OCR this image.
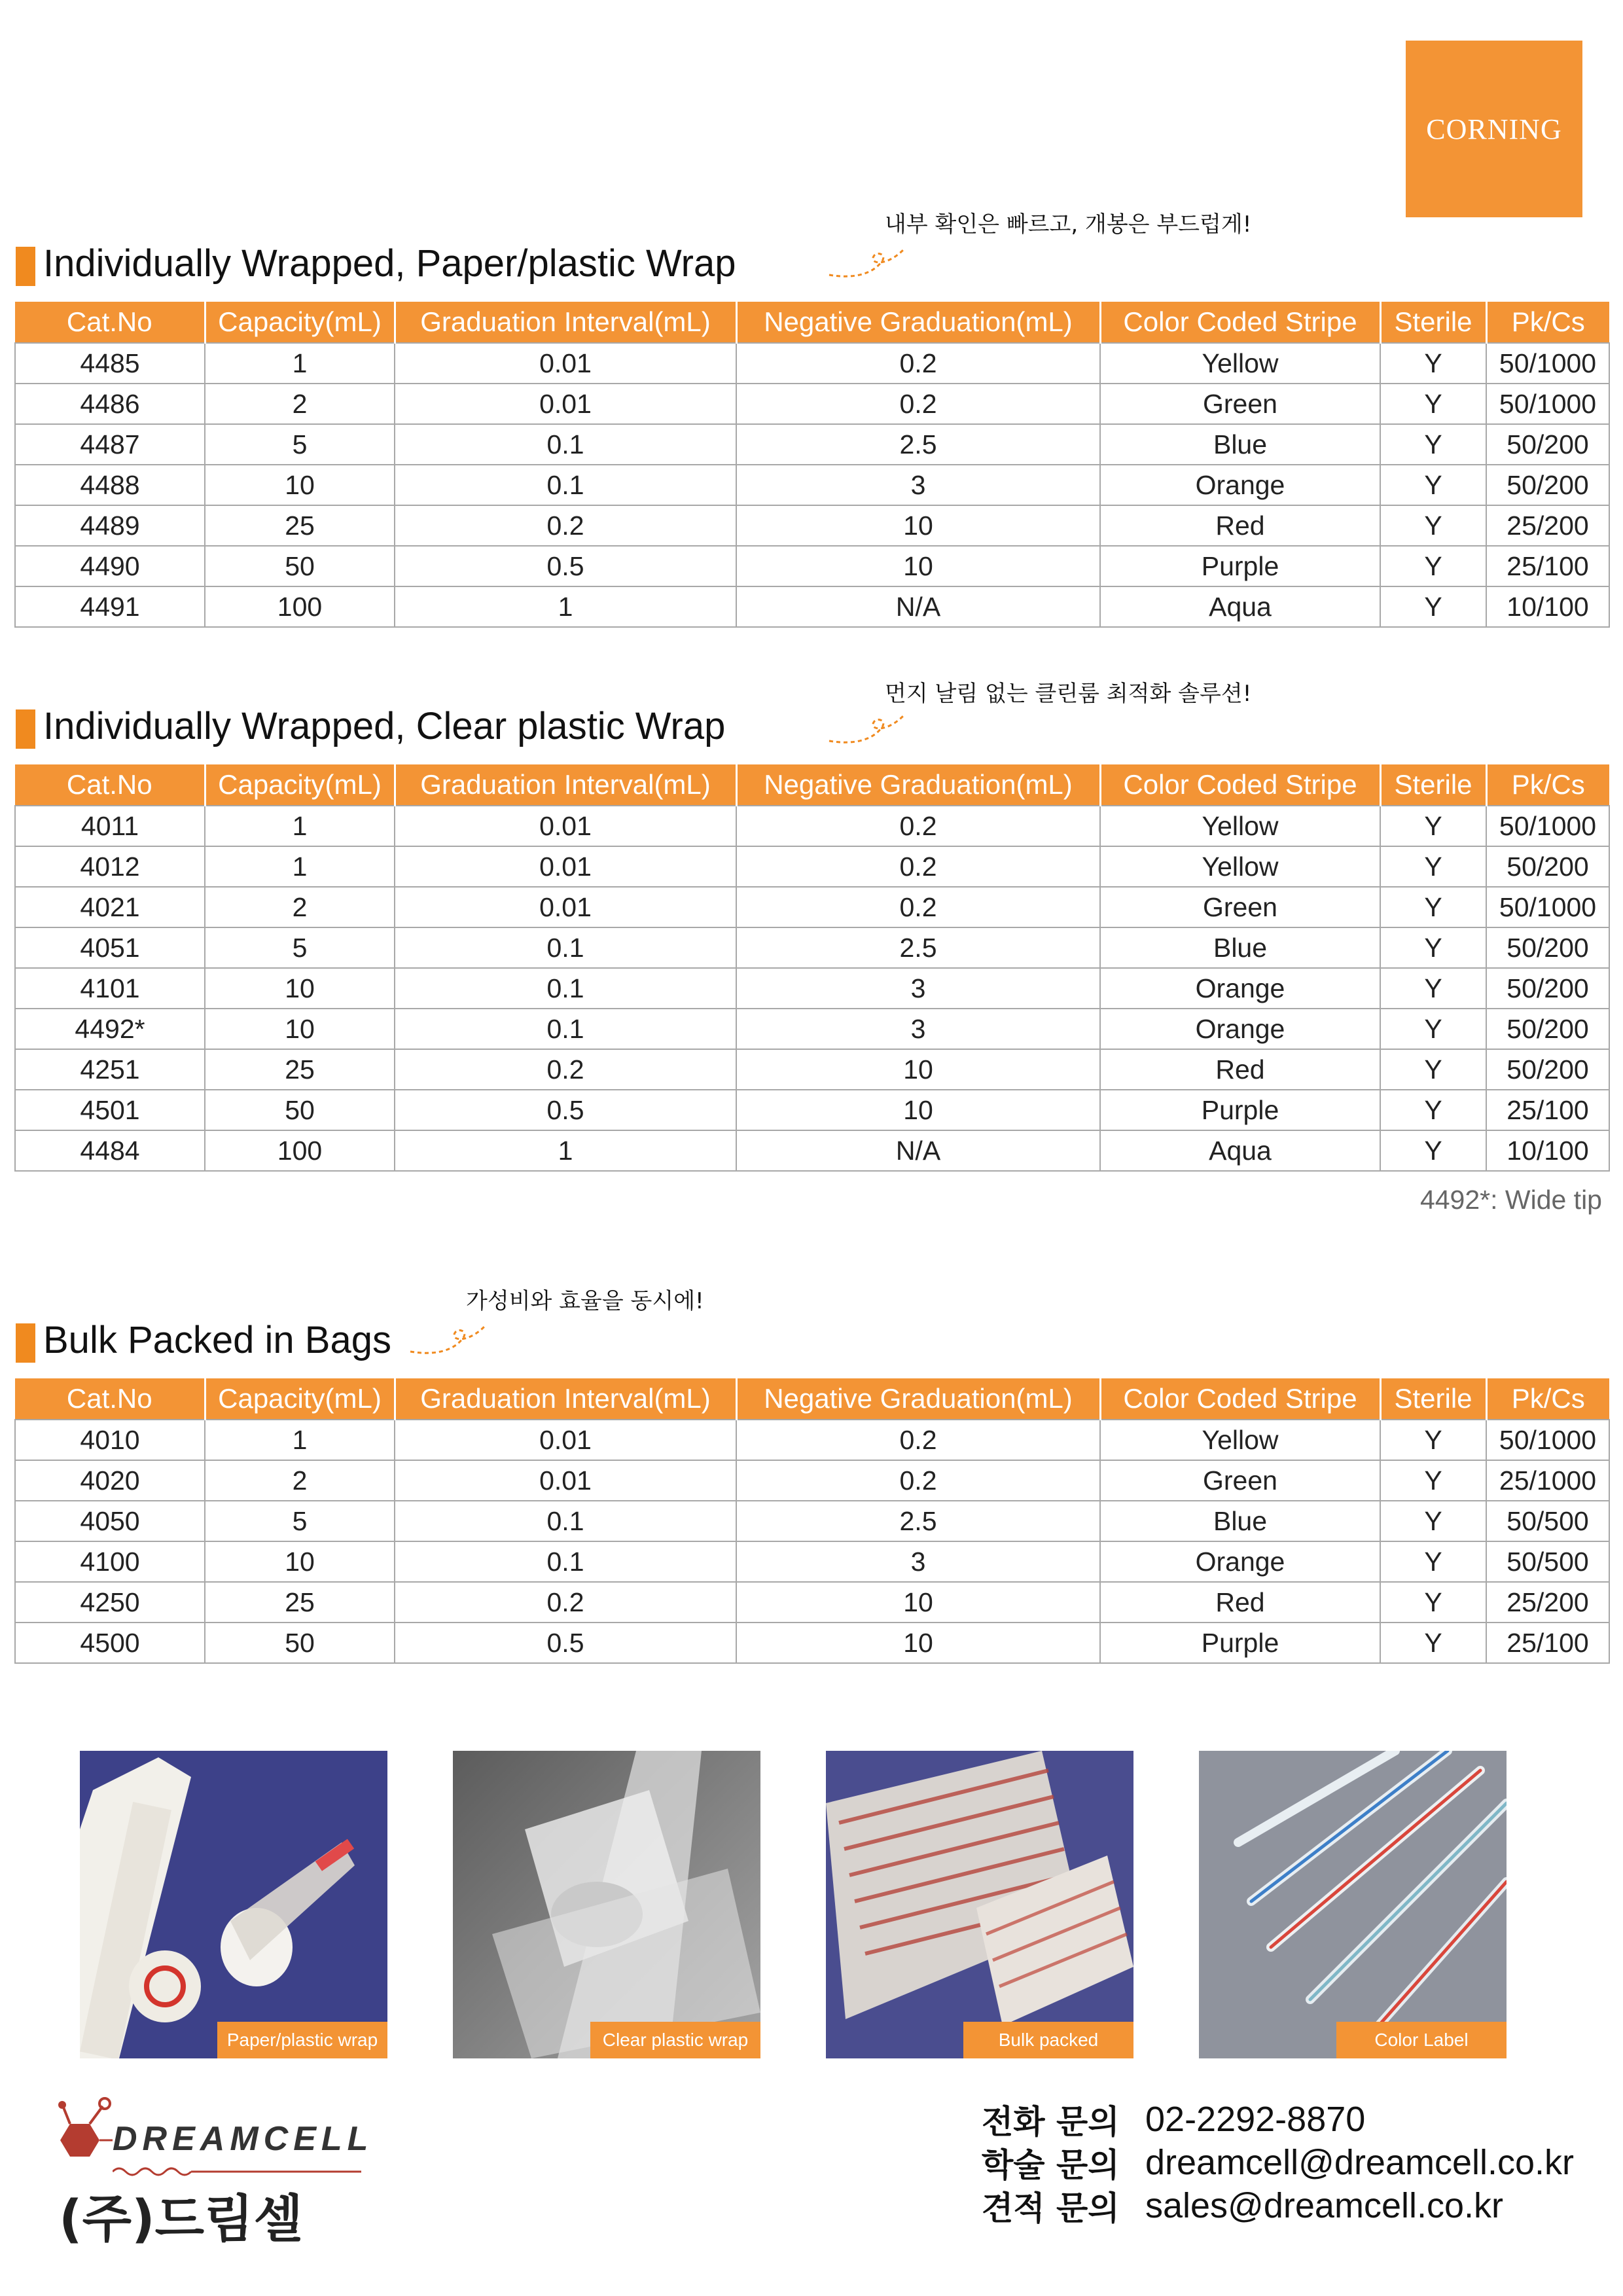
CORNING
Individually Wrapped, Paper/plastic Wrap
내부 확인은 빠르고, 개봉은 부드럽게!
Cat.No	Capacity(mL)	Graduation Interval(mL)	Negative Graduation(mL)	Color Coded Stripe	Sterile	Pk/Cs
4485	1	0.01	0.2	Yellow	Y	50/1000
4486	2	0.01	0.2	Green	Y	50/1000
4487	5	0.1	2.5	Blue	Y	50/200
4488	10	0.1	3	Orange	Y	50/200
4489	25	0.2	10	Red	Y	25/200
4490	50	0.5	10	Purple	Y	25/100
4491	100	1	N/A	Aqua	Y	10/100
Individually Wrapped, Clear plastic Wrap
먼지 날림 없는 클린룸 최적화 솔루션!
Cat.No	Capacity(mL)	Graduation Interval(mL)	Negative Graduation(mL)	Color Coded Stripe	Sterile	Pk/Cs
4011	1	0.01	0.2	Yellow	Y	50/1000
4012	1	0.01	0.2	Yellow	Y	50/200
4021	2	0.01	0.2	Green	Y	50/1000
4051	5	0.1	2.5	Blue	Y	50/200
4101	10	0.1	3	Orange	Y	50/200
4492*	10	0.1	3	Orange	Y	50/200
4251	25	0.2	10	Red	Y	50/200
4501	50	0.5	10	Purple	Y	25/100
4484	100	1	N/A	Aqua	Y	10/100
4492*: Wide tip
Bulk Packed in Bags
가성비와 효율을 동시에!
Cat.No	Capacity(mL)	Graduation Interval(mL)	Negative Graduation(mL)	Color Coded Stripe	Sterile	Pk/Cs
4010	1	0.01	0.2	Yellow	Y	50/1000
4020	2	0.01	0.2	Green	Y	25/1000
4050	5	0.1	2.5	Blue	Y	50/500
4100	10	0.1	3	Orange	Y	50/500
4250	25	0.2	10	Red	Y	25/200
4500	50	0.5	10	Purple	Y	25/100
Paper/plastic wrap	Clear plastic wrap	Bulk packed	Color Label
DREAMCELL
(주)드림셀
전화 문의 02-2292-8870
학술 문의 dreamcell@dreamcell.co.kr
견적 문의 sales@dreamcell.co.kr
